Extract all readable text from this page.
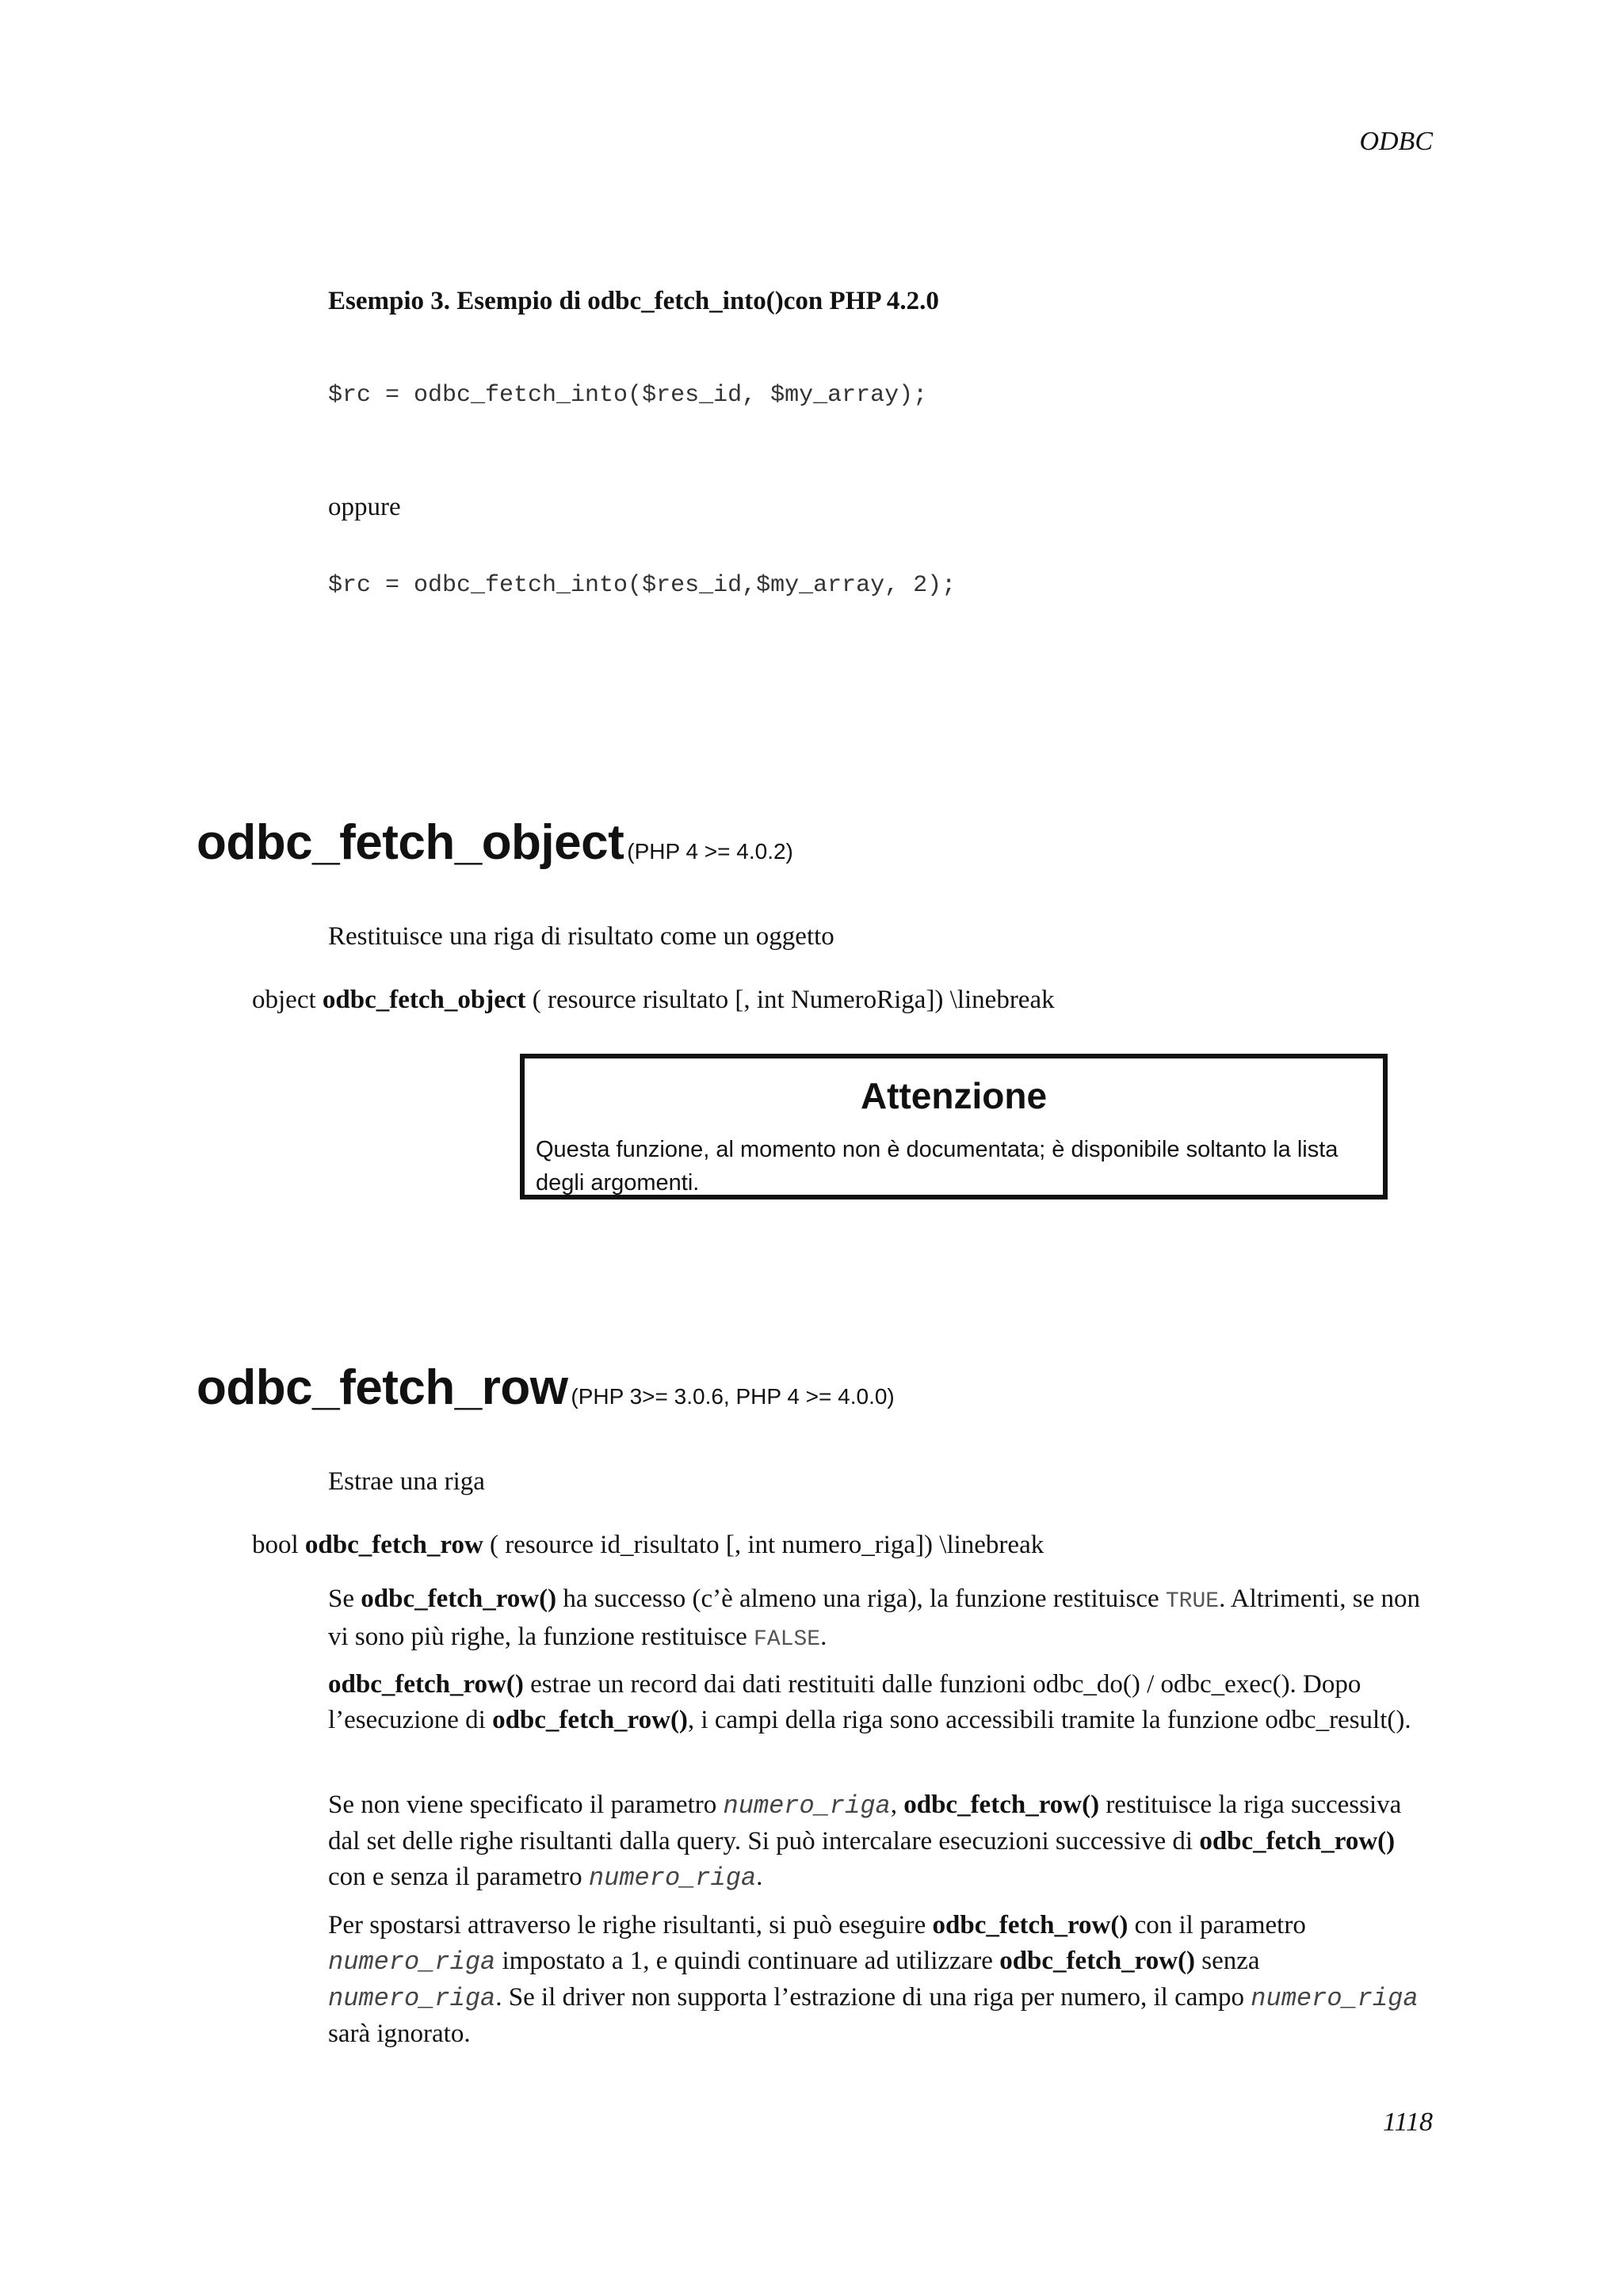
ODBC
Esempio 3. Esempio di odbc_fetch_into()con PHP 4.2.0
$rc = odbc_fetch_into($res_id, $my_array);
oppure
$rc = odbc_fetch_into($res_id,$my_array, 2);
odbc_fetch_object (PHP 4 >= 4.0.2)
Restituisce una riga di risultato come un oggetto
object odbc_fetch_object ( resource risultato [, int NumeroRiga]) \linebreak
Attenzione
Questa funzione, al momento non è documentata; è disponibile soltanto la lista degli argomenti.
odbc_fetch_row (PHP 3>= 3.0.6, PHP 4 >= 4.0.0)
Estrae una riga
bool odbc_fetch_row ( resource id_risultato [, int numero_riga]) \linebreak
Se odbc_fetch_row() ha successo (c’è almeno una riga), la funzione restituisce TRUE. Altrimenti, se non vi sono più righe, la funzione restituisce FALSE.
odbc_fetch_row() estrae un record dai dati restituiti dalle funzioni odbc_do() / odbc_exec(). Dopo l’esecuzione di odbc_fetch_row(), i campi della riga sono accessibili tramite la funzione odbc_result().
Se non viene specificato il parametro numero_riga, odbc_fetch_row() restituisce la riga successiva dal set delle righe risultanti dalla query. Si può intercalare esecuzioni successive di odbc_fetch_row() con e senza il parametro numero_riga.
Per spostarsi attraverso le righe risultanti, si può eseguire odbc_fetch_row() con il parametro numero_riga impostato a 1, e quindi continuare ad utilizzare odbc_fetch_row() senza numero_riga. Se il driver non supporta l’estrazione di una riga per numero, il campo numero_riga sarà ignorato.
1118
